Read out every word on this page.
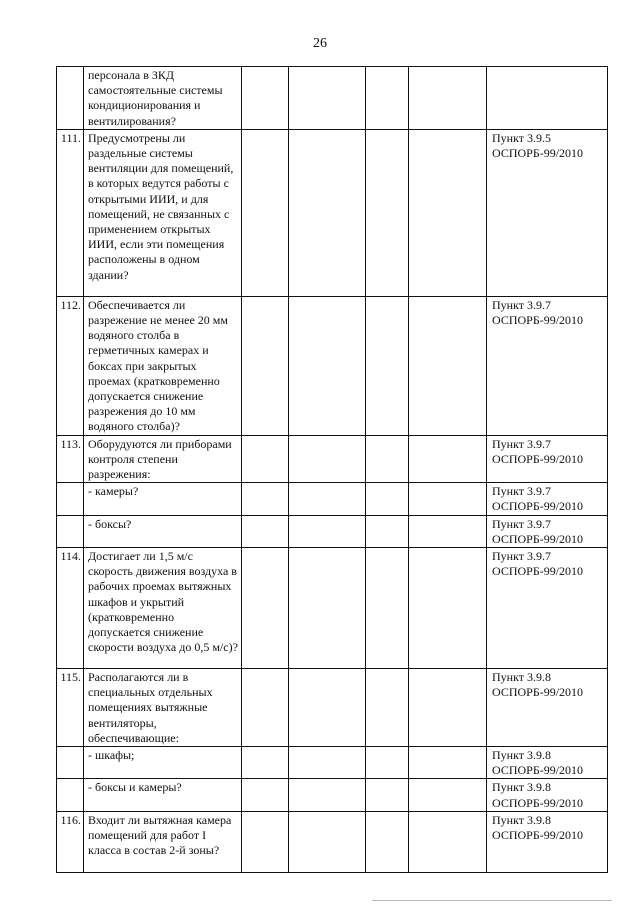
26
	персонала в ЗКД самостоятельные системы кондиционирования и вентилирования?					
111.	Предусмотрены ли раздельные системы вентиляции для помещений, в которых ведутся работы с открытыми ИИИ, и для помещений, не связанных с применением открытых ИИИ, если эти помещения расположены в одном здании?					Пункт 3.9.5 ОСПОРБ-99/2010
112.	Обеспечивается ли разрежение не менее 20 мм водяного столба в герметичных камерах и боксах при закрытых проемах (кратковременно допускается снижение разрежения до 10 мм водяного столба)?					Пункт 3.9.7 ОСПОРБ-99/2010
113.	Оборудуются ли приборами контроля степени разрежения:					Пункт 3.9.7 ОСПОРБ-99/2010
	- камеры?					Пункт 3.9.7 ОСПОРБ-99/2010
	- боксы?					Пункт 3.9.7 ОСПОРБ-99/2010
114.	Достигает ли 1,5 м/с скорость движения воздуха в рабочих проемах вытяжных шкафов и укрытий (кратковременно допускается снижение скорости воздуха до 0,5 м/с)?					Пункт 3.9.7 ОСПОРБ-99/2010
115.	Располагаются ли в специальных отдельных помещениях вытяжные вентиляторы, обеспечивающие:					Пункт 3.9.8 ОСПОРБ-99/2010
	- шкафы;					Пункт 3.9.8 ОСПОРБ-99/2010
	- боксы и камеры?					Пункт 3.9.8 ОСПОРБ-99/2010
116.	Входит ли вытяжная камера помещений для работ I класса в состав 2-й зоны?					Пункт 3.9.8 ОСПОРБ-99/2010
